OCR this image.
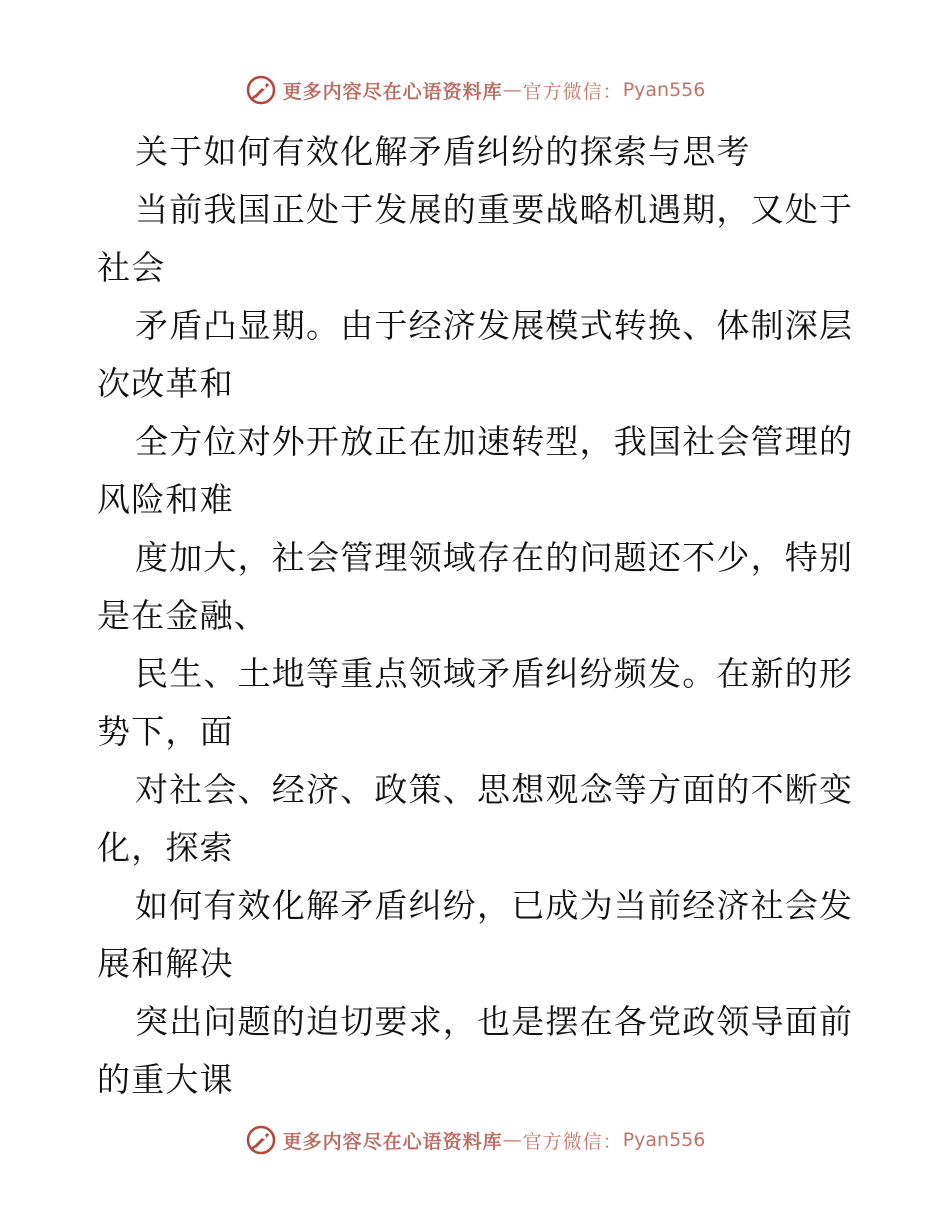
更多内容尽在心语资料库 — 官方微信： Pyan556

关于如何有效化解矛盾纠纷的探索与思考

当前我国正处于发展的重要战略机遇期，又处于

社会

矛盾凸显期。由于经济发展模式转换、体制深层

次改革和

全方位对外开放正在加速转型，我国社会管理的

风险和难

度加大，社会管理领域存在的问题还不少，特别

是在金融、

民生、土地等重点领域矛盾纠纷频发。在新的形

势下，面

对社会、经济、政策、思想观念等方面的不断变

化，探索

如何有效化解矛盾纠纷，已成为当前经济社会发

展和解决

突出问题的迫切要求，也是摆在各党政领导面前

的重大课

更多内容尽在心语资料库 — 官方微信： Pyan556
